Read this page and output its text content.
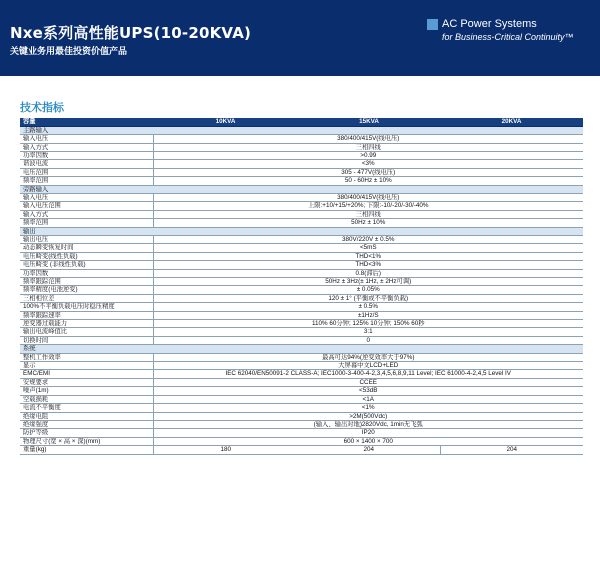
Nxe系列高性能UPS(10-20KVA)
关键业务用最佳投资价值产品
AC Power Systems
for Business-Critical Continuity™
技术指标
容量	10KVA	15KVA	20KVA
主路输入			
输入电压	380/400/415V(线电压)		
输入方式	三相四线		
功率因数	>0.99		
谐波电流	<3%		
电压范围	305 - 477V(线电压)		
频率范围	50 - 60Hz ± 10%		
旁路输入			
输入电压	380/400/415V(线电压)		
输入电压范围	上限:+10/+15/+20%; 下限:-10/-20/-30/-40%		
输入方式	三相四线		
频率范围	50Hz ± 10%		
输出			
输出电压	380V/220V ± 0.5%		
动态瞬变恢复时间	<5mS		
电压畸变(线性负载)	THD<1%		
电压畸变 (非线性负载)	THD<3%		
功率因数	0.8(滞后)		
频率跟踪范围	50Hz ± 3Hz(± 1Hz, ± 2Hz可调)		
频率精度(电池逆变)	± 0.05%		
三相相位差	120 ± 1° (平衡或不平衡负载)		
100%不平衡负载电压时稳压精度	± 0.5%		
频率跟踪速率	±1Hz/S		
逆变器过载能力	110% 60分钟; 125% 10分钟; 150% 60秒		
输出电流峰值比	3:1		
切换时间	0		
系统			
整机工作效率	最高可达94%(逆变效率大于97%)		
显示	大屏幕中文LCD+LED		
EMC/EMI	IEC 62040/EN50091-2 CLASS-A; IEC1000-3-400-4-2,3,4,5,6,8,9,11 Level; IEC 61000-4-2,4,5 Level IV		
安规要求	CCEE		
噪声(1m)	<53dB		
空载损耗	<1A		
电流不平衡度	<1%		
绝缘电阻	>2M(500Vdc)		
绝缘强度	(输入、输出对地)2820Vdc, 1min无飞弧		
防护等级	IP20		
物理尺寸(宽 × 高 × 深)(mm)	600 × 1400 × 700		
重量(kg)	180	204	204
